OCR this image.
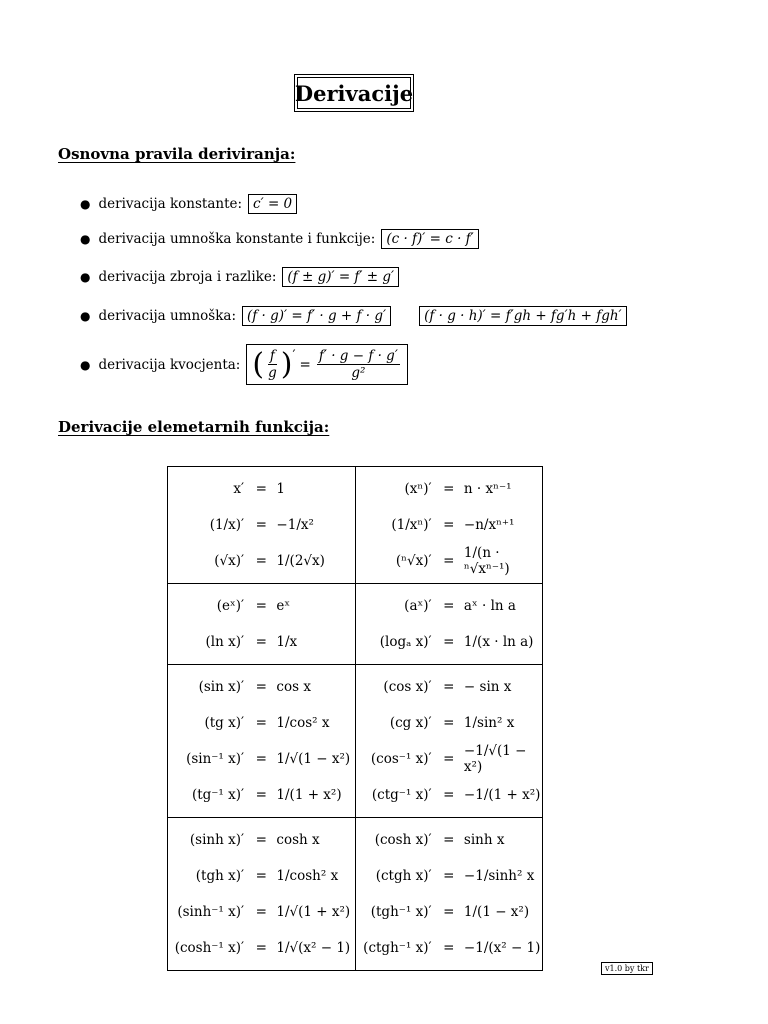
Derivacije
Osnovna pravila deriviranja:
● derivacija konstante: c′ = 0
● derivacija umnoška konstante i funkcije: (c · f)′ = c · f′
● derivacija zbroja i razlike: (f ± g)′ = f′ ± g′
● derivacija umnoška: (f · g)′ = f′ · g + f · g′	(f · g · h)′ = f′gh + fg′h + fgh′
● derivacija kvocjenta: ( $\frac{f}{g}$ ) ′
= $\frac{f' \cdot g - f \cdot g'}{\text{g²}}$
Derivacije elemetarnih funkcija:
x′	=	1
(1/x)′	=	−1/x²
(√x)′	=	1/(2√x)

(xⁿ)′	=	n · xⁿ⁻¹
(1/xⁿ)′	=	−n/xⁿ⁺¹
(ⁿ√x)′	=	1/(n · ⁿ√xⁿ⁻¹)

(eˣ)′	=	eˣ
(ln x)′	=	1/x

(aˣ)′	=	aˣ · ln a
(logₐ x)′	=	1/(x · ln a)

(sin x)′	=	cos x
(tg x)′	=	1/cos² x
(sin⁻¹ x)′	=	1/√(1 − x²)
(tg⁻¹ x)′	=	1/(1 + x²)

(cos x)′	=	− sin x
(cg x)′	=	1/sin² x
(cos⁻¹ x)′	=	−1/√(1 − x²)
(ctg⁻¹ x)′	=	−1/(1 + x²)

(sinh x)′	=	cosh x
(tgh x)′	=	1/cosh² x
(sinh⁻¹ x)′	=	1/√(1 + x²)
(cosh⁻¹ x)′	=	1/√(x² − 1)

(cosh x)′	=	sinh x
(ctgh x)′	=	−1/sinh² x
(tgh⁻¹ x)′	=	1/(1 − x²)
(ctgh⁻¹ x)′	=	−1/(x² − 1)
v1.0 by tkr
